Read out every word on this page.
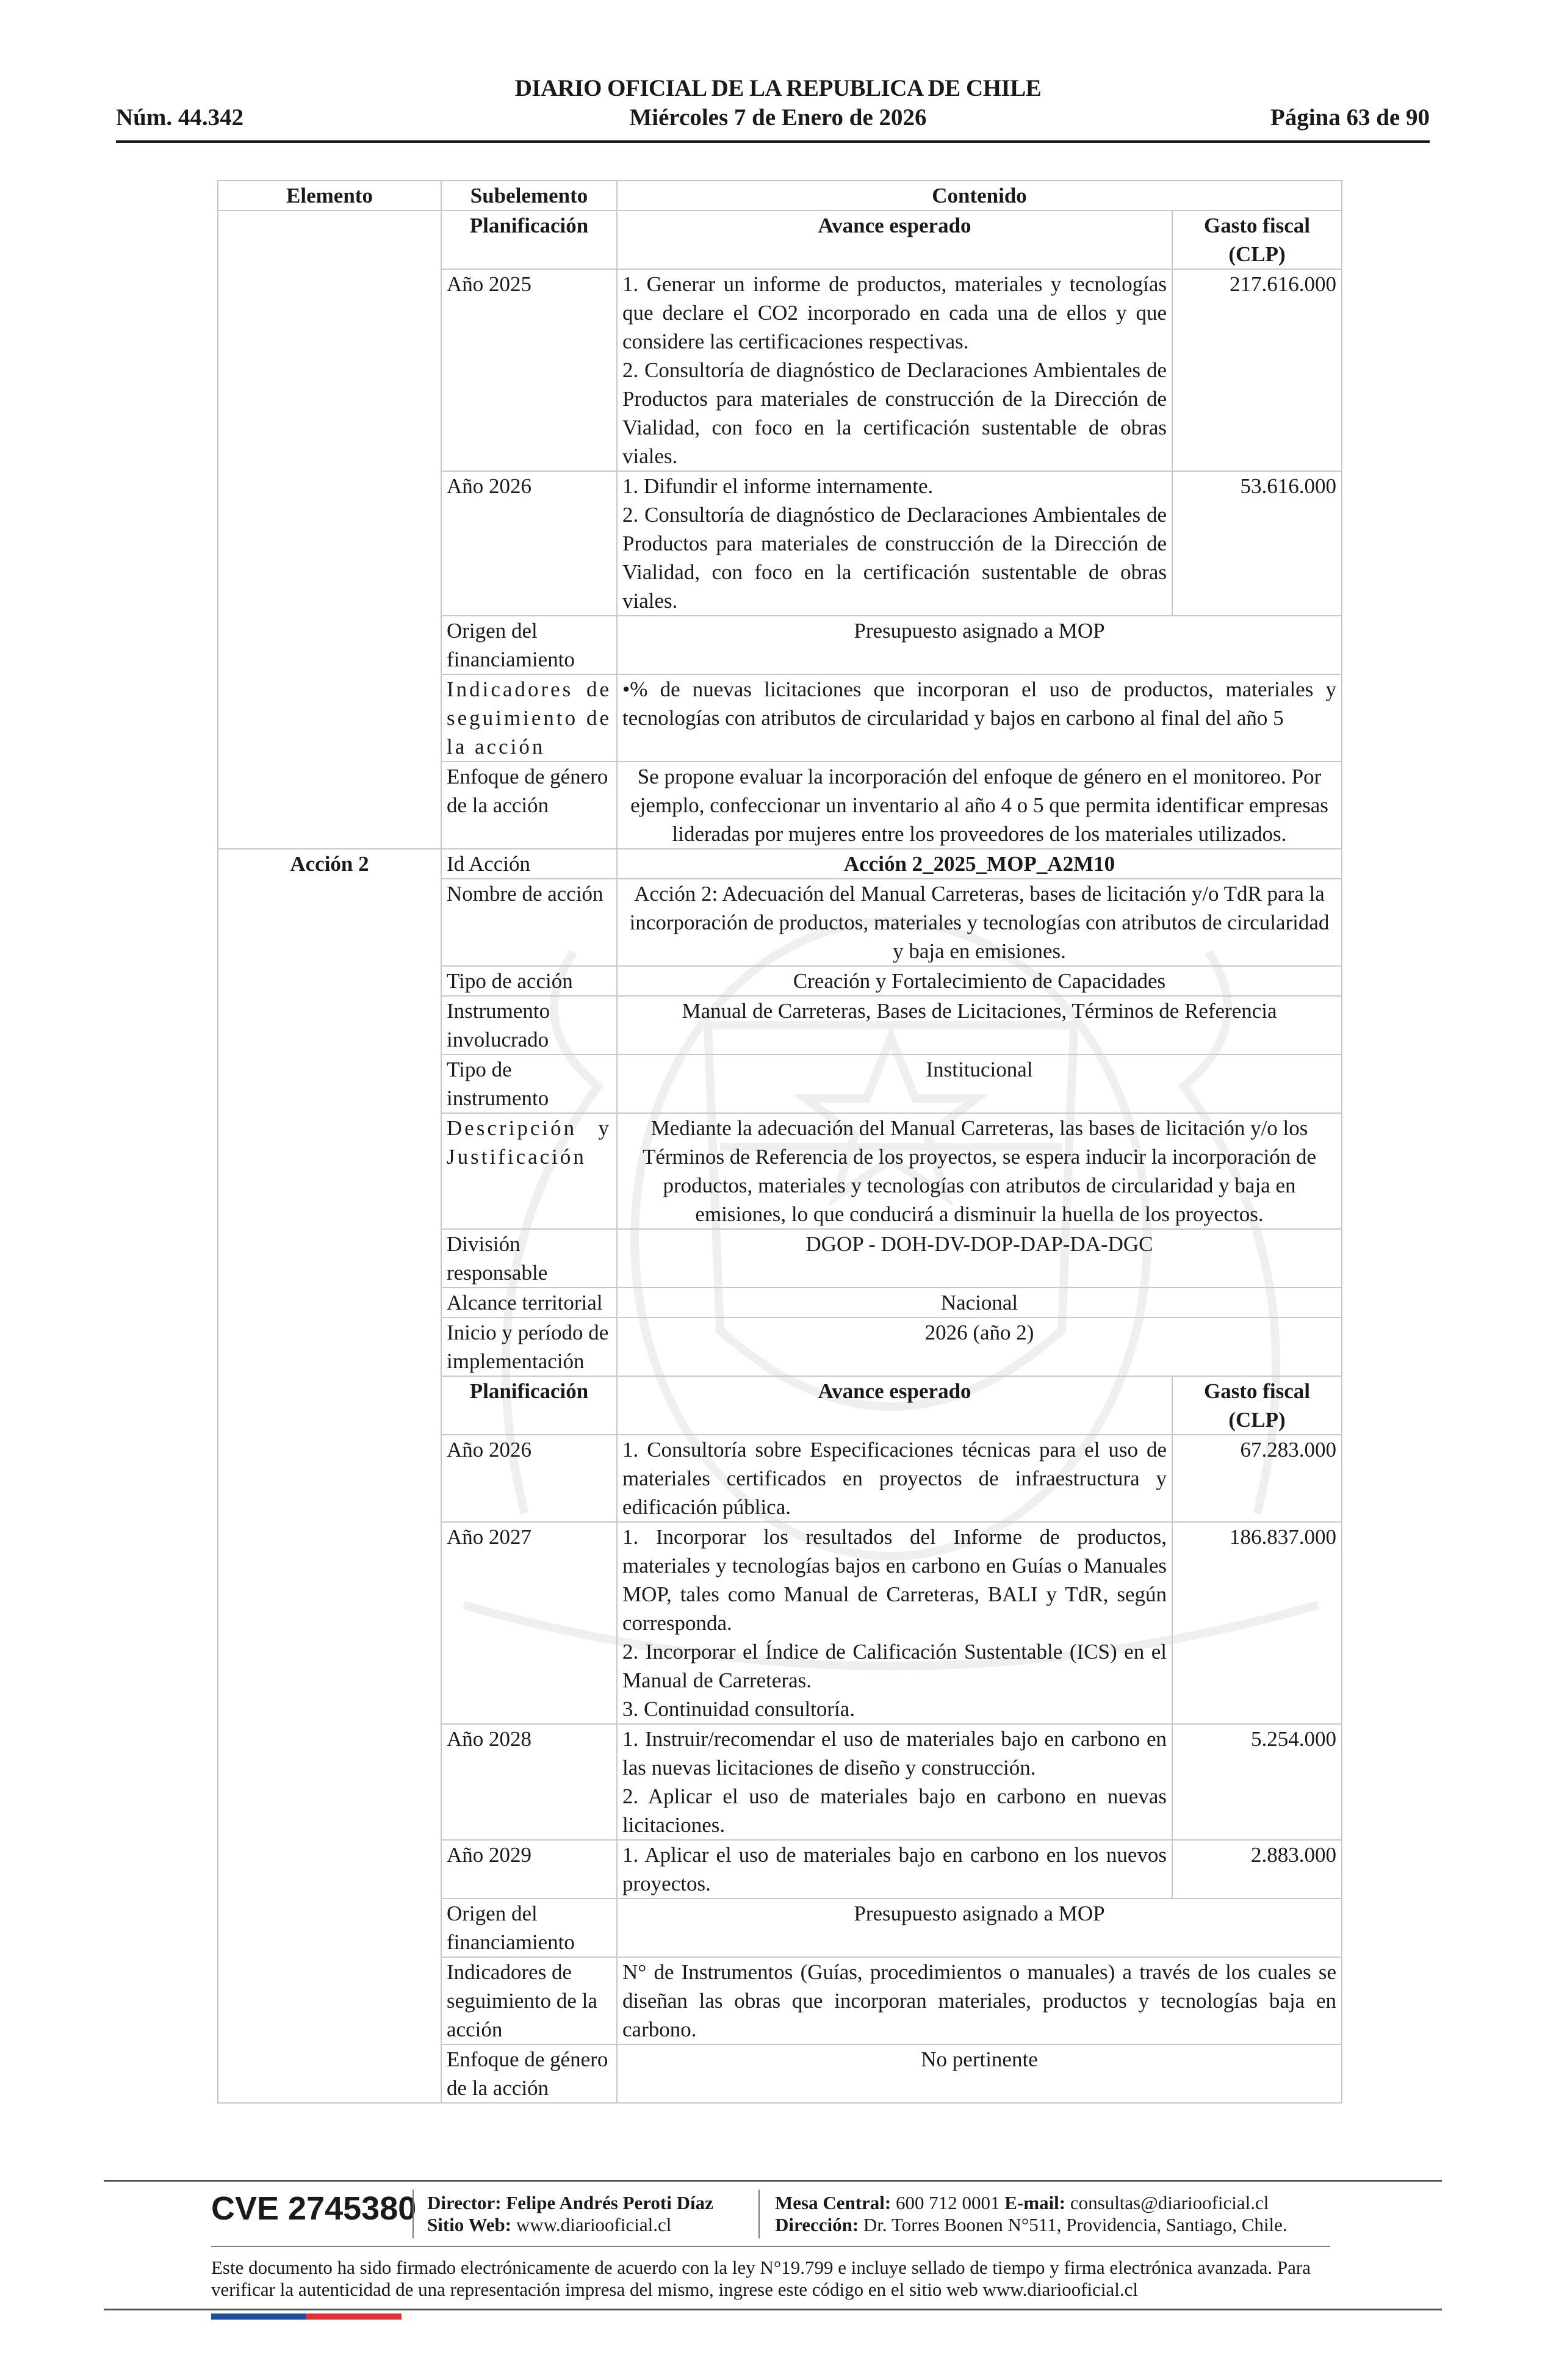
DIARIO OFICIAL DE LA REPUBLICA DE CHILE
Núm. 44.342	Miércoles 7 de Enero de 2026	Página 63 de 90
Elemento	Subelemento	Contenido	
	Planificación	Avance esperado	Gasto fiscal (CLP)
	Año 2025	1. Generar un informe de productos, materiales y tecnologías que declare el CO2 incorporado en cada una de ellos y que considere las certificaciones respectivas.
2. Consultoría de diagnóstico de Declaraciones Ambientales de Productos para materiales de construcción de la Dirección de Vialidad, con foco en la certificación sustentable de obras viales.	217.616.000
	Año 2026	1. Difundir el informe internamente.
2. Consultoría de diagnóstico de Declaraciones Ambientales de Productos para materiales de construcción de la Dirección de Vialidad, con foco en la certificación sustentable de obras viales.	53.616.000
	Origen del financiamiento	Presupuesto asignado a MOP	
	Indicadores de seguimiento de la acción	•% de nuevas licitaciones que incorporan el uso de productos, materiales y tecnologías con atributos de circularidad y bajos en carbono al final del año 5	
	Enfoque de género de la acción	Se propone evaluar la incorporación del enfoque de género en el monitoreo. Por ejemplo, confeccionar un inventario al año 4 o 5 que permita identificar empresas lideradas por mujeres entre los proveedores de los materiales utilizados.	
Acción 2	Id Acción	Acción 2_2025_MOP_A2M10	
	Nombre de acción	Acción 2: Adecuación del Manual Carreteras, bases de licitación y/o TdR para la incorporación de productos, materiales y tecnologías con atributos de circularidad y baja en emisiones.	
	Tipo de acción	Creación y Fortalecimiento de Capacidades	
	Instrumento involucrado	Manual de Carreteras, Bases de Licitaciones, Términos de Referencia	
	Tipo de instrumento	Institucional	
	Descripción y Justificación	Mediante la adecuación del Manual Carreteras, las bases de licitación y/o los Términos de Referencia de los proyectos, se espera inducir la incorporación de productos, materiales y tecnologías con atributos de circularidad y baja en emisiones, lo que conducirá a disminuir la huella de los proyectos.	
	División responsable	DGOP - DOH-DV-DOP-DAP-DA-DGC	
	Alcance territorial	Nacional	
	Inicio y período de implementación	2026 (año 2)	
	Planificación	Avance esperado	Gasto fiscal (CLP)
	Año 2026	1. Consultoría sobre Especificaciones técnicas para el uso de materiales certificados en proyectos de infraestructura y edificación pública.	67.283.000
	Año 2027	1. Incorporar los resultados del Informe de productos, materiales y tecnologías bajos en carbono en Guías o Manuales MOP, tales como Manual de Carreteras, BALI y TdR, según corresponda.
2. Incorporar el Índice de Calificación Sustentable (ICS) en el Manual de Carreteras.
3. Continuidad consultoría.	186.837.000
	Año 2028	1. Instruir/recomendar el uso de materiales bajo en carbono en las nuevas licitaciones de diseño y construcción.
2. Aplicar el uso de materiales bajo en carbono en nuevas licitaciones.	5.254.000
	Año 2029	1. Aplicar el uso de materiales bajo en carbono en los nuevos proyectos.	2.883.000
	Origen del financiamiento	Presupuesto asignado a MOP	
	Indicadores de seguimiento de la acción	N° de Instrumentos (Guías, procedimientos o manuales) a través de los cuales se diseñan las obras que incorporan materiales, productos y tecnologías baja en carbono.	
	Enfoque de género de la acción	No pertinente	
CVE 2745380 Director: Felipe Andrés Peroti Díaz
Sitio Web: www.diariooficial.cl
Mesa Central: 600 712 0001 E-mail: consultas@diariooficial.cl
Dirección: Dr. Torres Boonen N°511, Providencia, Santiago, Chile.
Este documento ha sido firmado electrónicamente de acuerdo con la ley N°19.799 e incluye sellado de tiempo y firma electrónica avanzada. Para verificar la autenticidad de una representación impresa del mismo, ingrese este código en el sitio web www.diariooficial.cl
